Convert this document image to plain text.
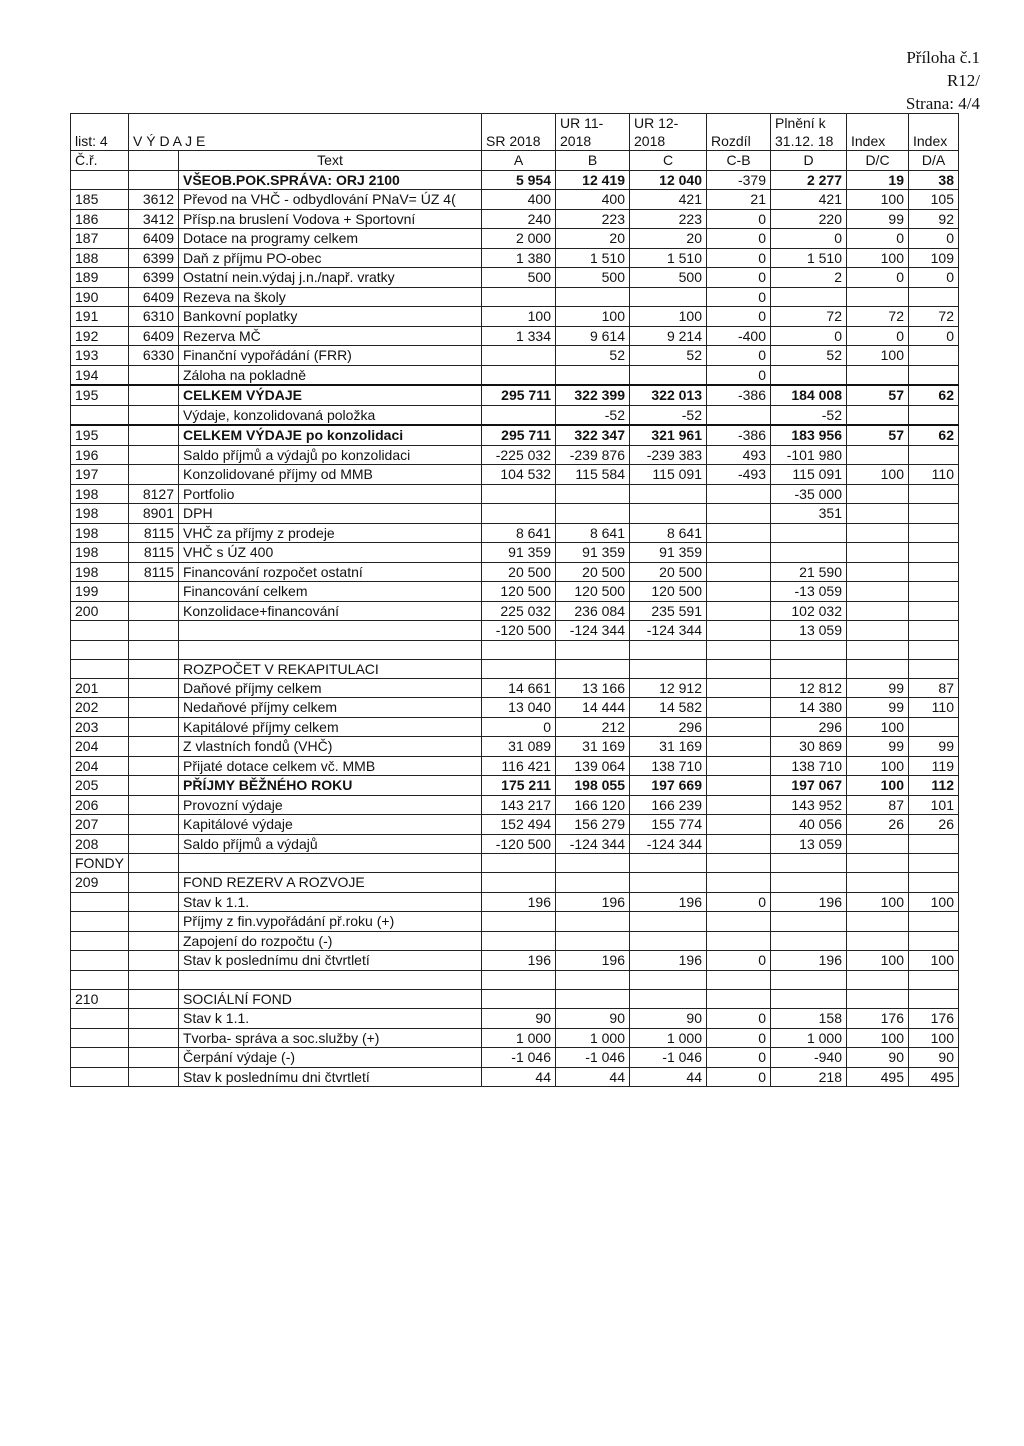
Příloha č.1
R12/
Strana: 4/4
list: 4	V Ý D A J E		SR 2018	UR 11- 2018	UR 12- 2018	Rozdíl	Plnění k 31.12. 18	Index	Index
Č.ř.		Text	A	B	C	C-B	D	D/C	D/A
		VŠEOB.POK.SPRÁVA: ORJ 2100	5 954	12 419	12 040	-379	2 277	19	38
185	3612	Převod na VHČ - odbydlování PNaV= ÚZ 4(	400	400	421	21	421	100	105
186	3412	Přísp.na bruslení Vodova + Sportovní	240	223	223	0	220	99	92
187	6409	Dotace na programy celkem	2 000	20	20	0	0	0	0
188	6399	Daň z příjmu PO-obec	1 380	1 510	1 510	0	1 510	100	109
189	6399	Ostatní nein.výdaj j.n./např. vratky	500	500	500	0	2	0	0
190	6409	Rezeva na školy				0			
191	6310	Bankovní poplatky	100	100	100	0	72	72	72
192	6409	Rezerva MČ	1 334	9 614	9 214	-400	0	0	0
193	6330	Finanční vypořádání (FRR)		52	52	0	52	100	
194		Záloha na pokladně				0			
195		CELKEM VÝDAJE	295 711	322 399	322 013	-386	184 008	57	62
		Výdaje, konzolidovaná položka		-52	-52		-52		
195		CELKEM VÝDAJE po konzolidaci	295 711	322 347	321 961	-386	183 956	57	62
196		Saldo příjmů a výdajů po konzolidaci	-225 032	-239 876	-239 383	493	-101 980		
197		Konzolidované příjmy od MMB	104 532	115 584	115 091	-493	115 091	100	110
198	8127	Portfolio					-35 000		
198	8901	DPH					351		
198	8115	VHČ za příjmy z prodeje	8 641	8 641	8 641				
198	8115	VHČ s ÚZ 400	91 359	91 359	91 359				
198	8115	Financování rozpočet ostatní	20 500	20 500	20 500		21 590		
199		Financování celkem	120 500	120 500	120 500		-13 059		
200		Konzolidace+financování	225 032	236 084	235 591		102 032		
			-120 500	-124 344	-124 344		13 059		

		ROZPOČET V REKAPITULACI							
201		Daňové příjmy celkem	14 661	13 166	12 912		12 812	99	87
202		Nedaňové příjmy celkem	13 040	14 444	14 582		14 380	99	110
203		Kapitálové příjmy celkem	0	212	296		296	100	
204		Z vlastních fondů (VHČ)	31 089	31 169	31 169		30 869	99	99
204		Přijaté dotace celkem vč. MMB	116 421	139 064	138 710		138 710	100	119
205		PŘÍJMY BĚŽNÉHO ROKU	175 211	198 055	197 669		197 067	100	112
206		Provozní výdaje	143 217	166 120	166 239		143 952	87	101
207		Kapitálové výdaje	152 494	156 279	155 774		40 056	26	26
208		Saldo příjmů a výdajů	-120 500	-124 344	-124 344		13 059		
FONDY									
209		FOND REZERV A ROZVOJE							
		Stav k 1.1.	196	196	196	0	196	100	100
		Příjmy z fin.vypořádání př.roku (+)							
		Zapojení do rozpočtu (-)							
		Stav k poslednímu dni čtvrtletí	196	196	196	0	196	100	100

210		SOCIÁLNÍ FOND							
		Stav k 1.1.	90	90	90	0	158	176	176
		Tvorba- správa a soc.služby (+)	1 000	1 000	1 000	0	1 000	100	100
		Čerpání výdaje (-)	-1 046	-1 046	-1 046	0	-940	90	90
		Stav k poslednímu dni čtvrtletí	44	44	44	0	218	495	495
